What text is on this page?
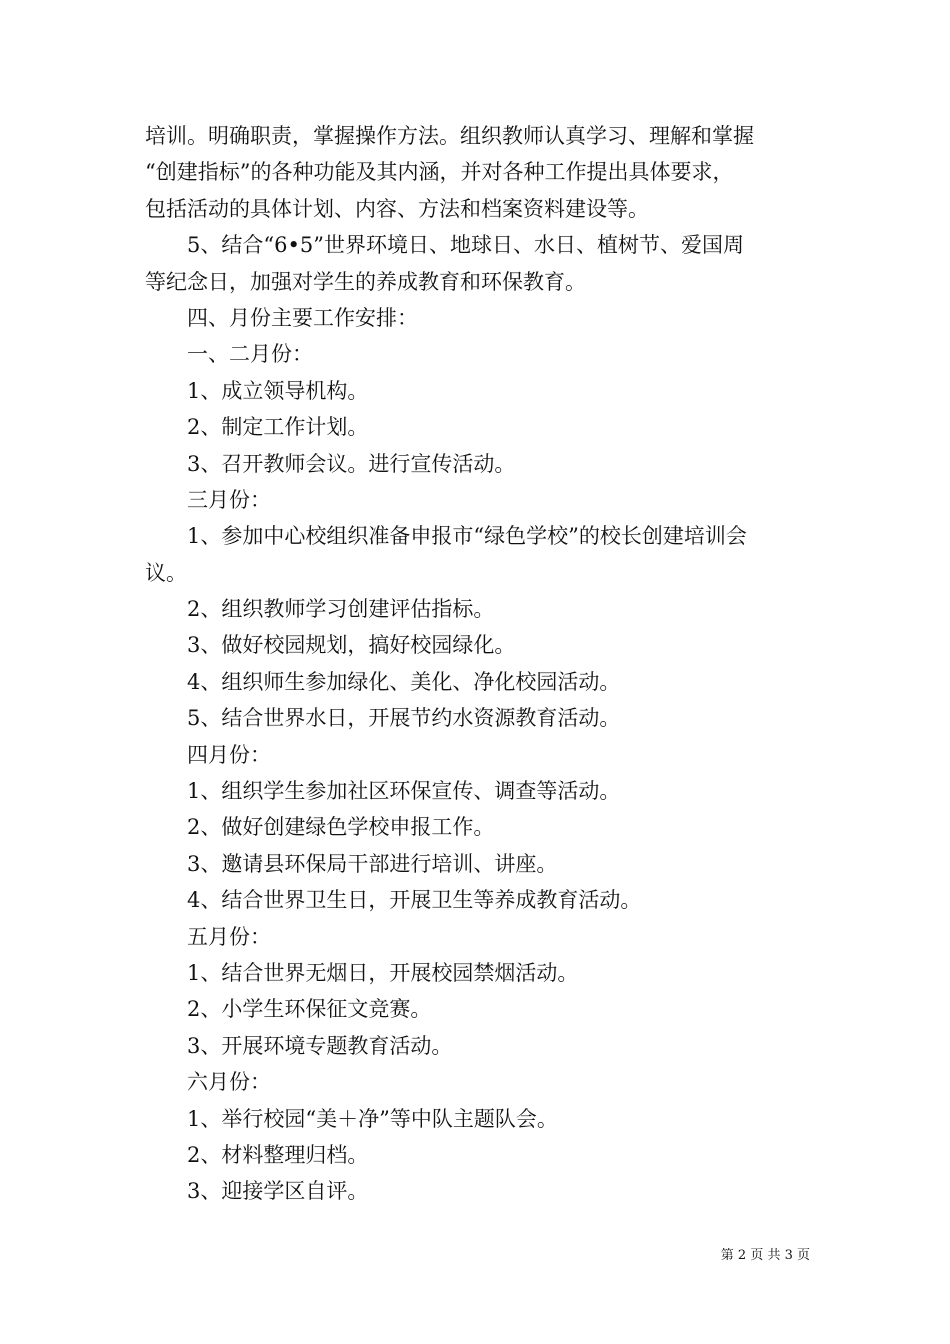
培训。明确职责，掌握操作方法。组织教师认真学习、理解和掌握
“创建指标”的各种功能及其内涵，并对各种工作提出具体要求，
包括活动的具体计划、内容、方法和档案资料建设等。
5、结合“6•5”世界环境日、地球日、水日、植树节、爱国周
等纪念日，加强对学生的养成教育和环保教育。
四、月份主要工作安排：
一、二月份：
1、成立领导机构。
2、制定工作计划。
3、召开教师会议。进行宣传活动。
三月份：
1、参加中心校组织准备申报市“绿色学校”的校长创建培训会
议。
2、组织教师学习创建评估指标。
3、做好校园规划，搞好校园绿化。
4、组织师生参加绿化、美化、净化校园活动。
5、结合世界水日，开展节约水资源教育活动。
四月份：
1、组织学生参加社区环保宣传、调查等活动。
2、做好创建绿色学校申报工作。
3、邀请县环保局干部进行培训、讲座。
4、结合世界卫生日，开展卫生等养成教育活动。
五月份：
1、结合世界无烟日，开展校园禁烟活动。
2、小学生环保征文竞赛。
3、开展环境专题教育活动。
六月份：
1、举行校园“美＋净”等中队主题队会。
2、材料整理归档。
3、迎接学区自评。
第 2 页 共 3 页
